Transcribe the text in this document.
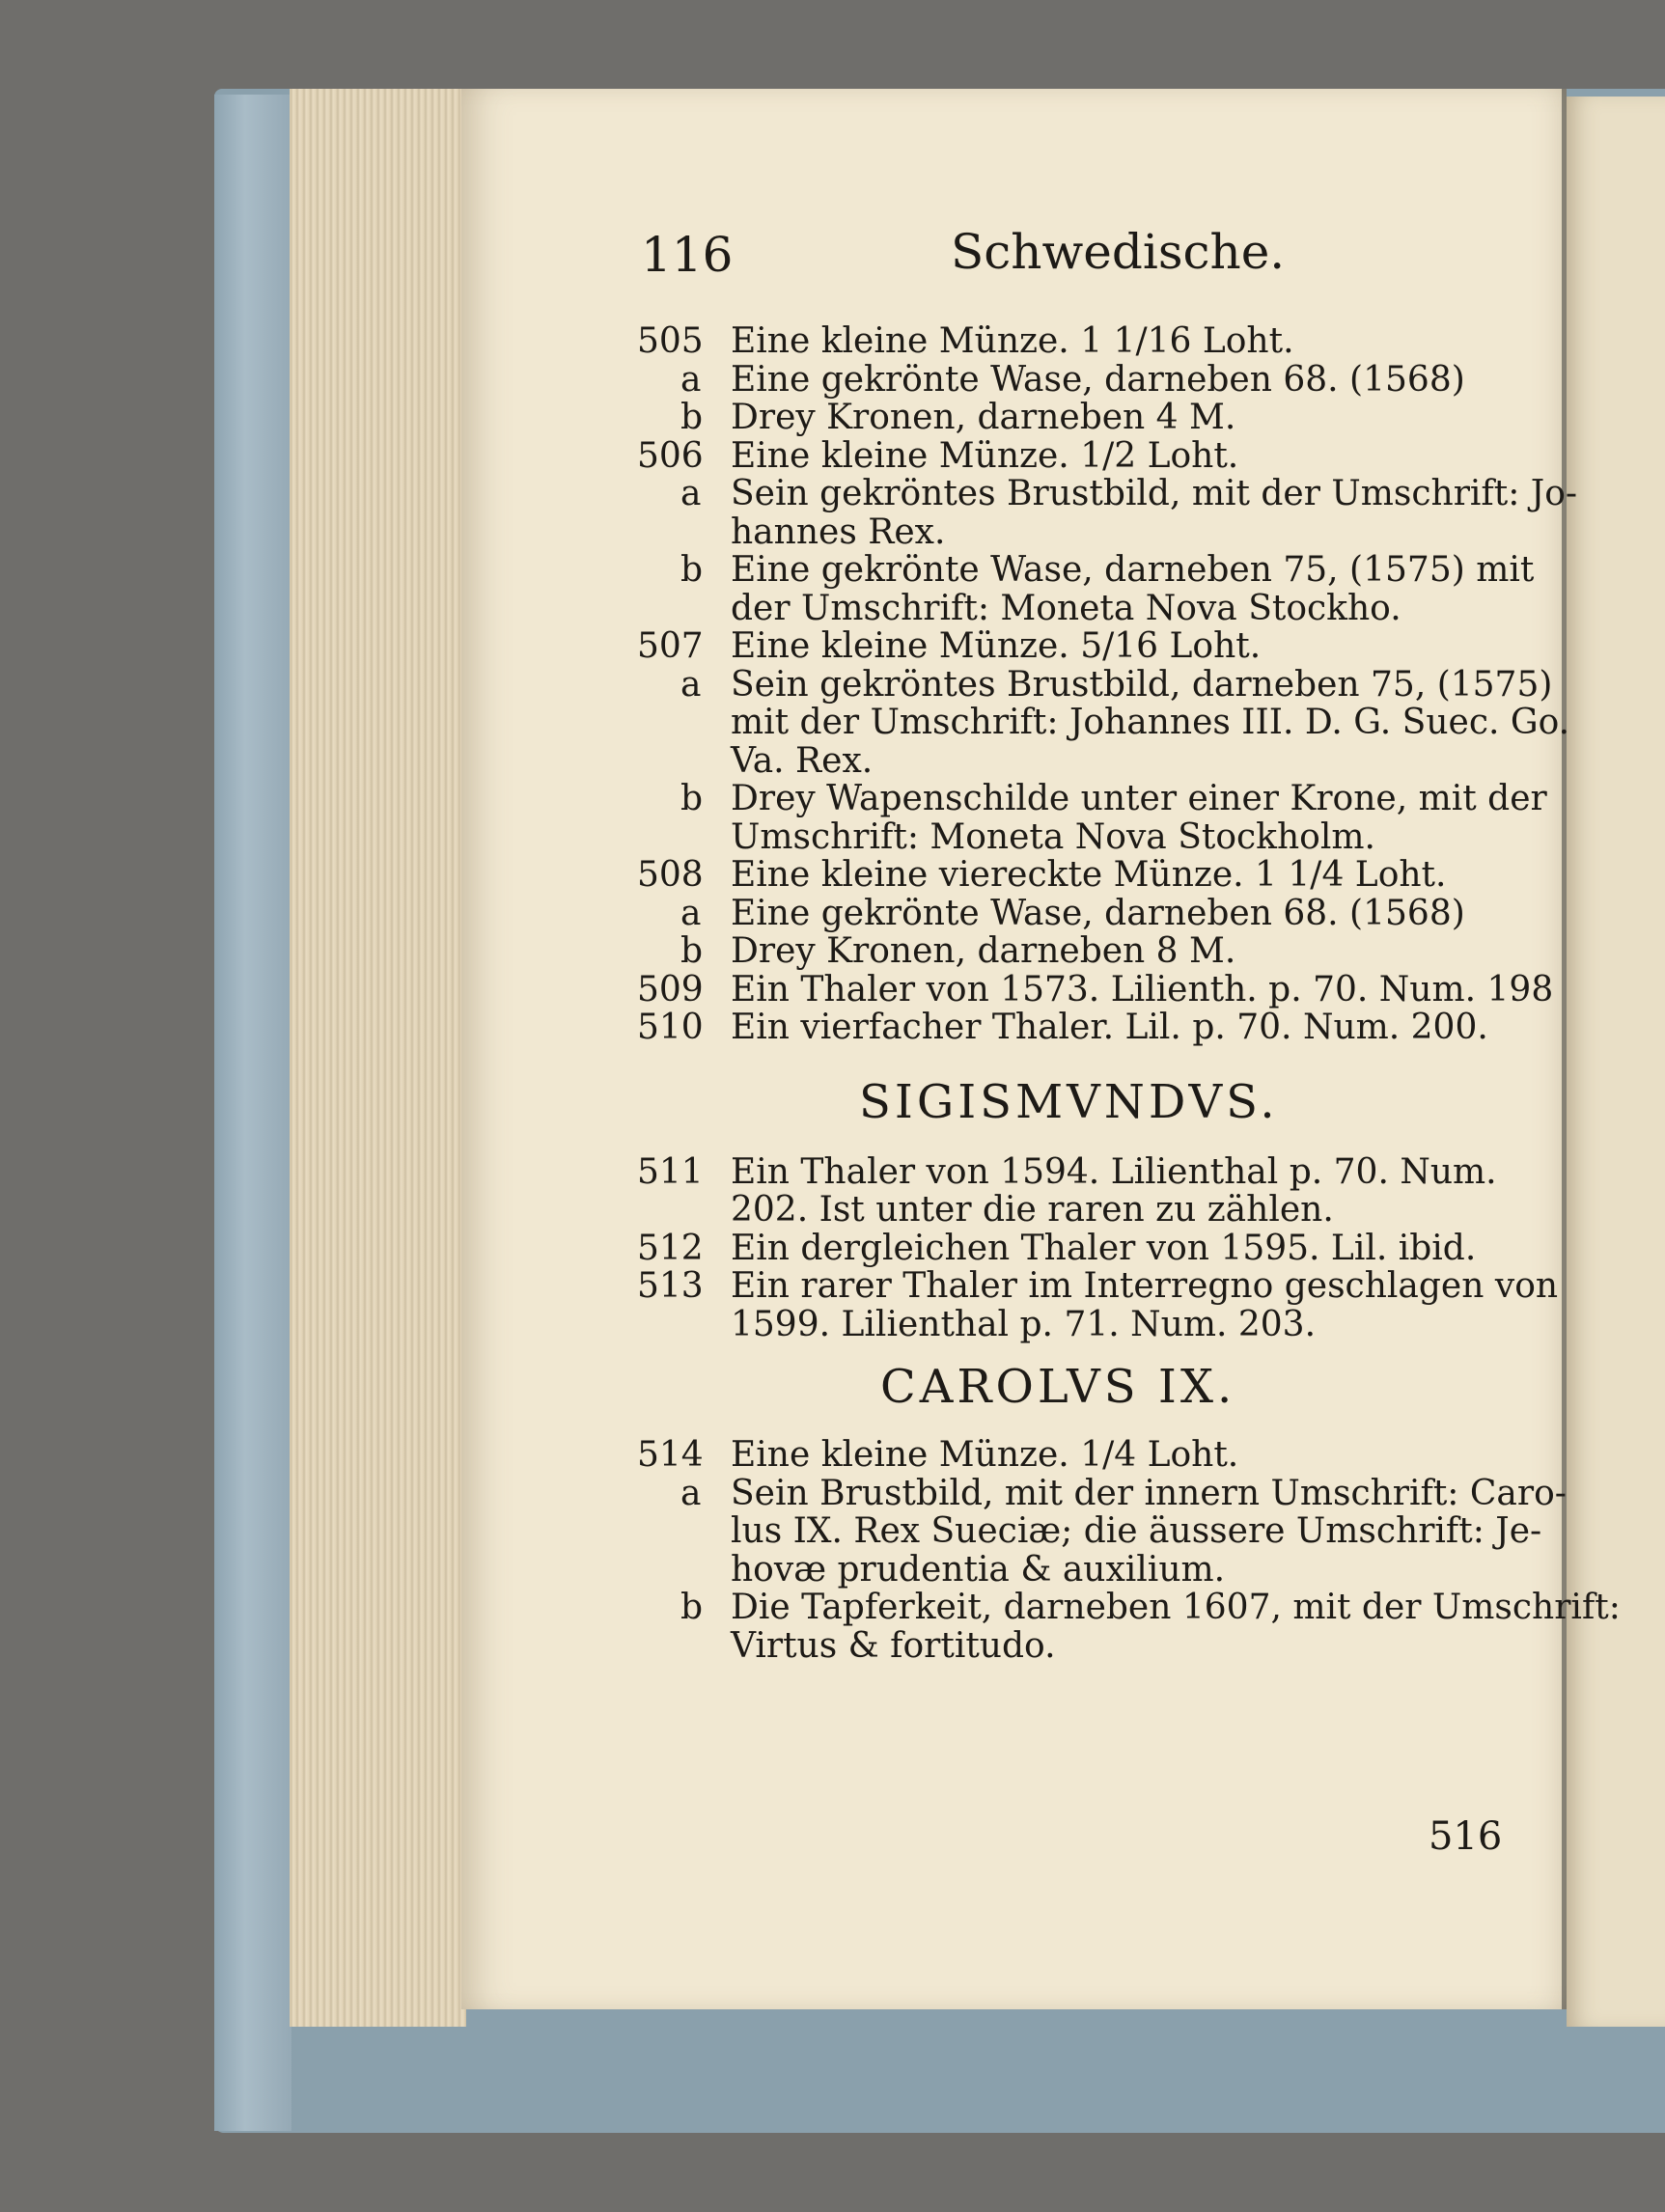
116	Schwedische.
505 Eine kleine Münze. 1 1/16 Loht.
a Eine gekrönte Wase, darneben 68. (1568)
b Drey Kronen, darneben 4 M.
506 Eine kleine Münze. 1/2 Loht.
a Sein gekröntes Brustbild, mit der Umschrift: Jo-
hannes Rex.
b Eine gekrönte Wase, darneben 75, (1575) mit
der Umschrift: Moneta Nova Stockho.
507 Eine kleine Münze. 5/16 Loht.
a Sein gekröntes Brustbild, darneben 75, (1575)
mit der Umschrift: Johannes III. D. G. Suec. Go.
Va. Rex.
b Drey Wapenschilde unter einer Krone, mit der
Umschrift: Moneta Nova Stockholm.
508 Eine kleine viereckte Münze. 1 1/4 Loht.
a Eine gekrönte Wase, darneben 68. (1568)
b Drey Kronen, darneben 8 M.
509 Ein Thaler von 1573. Lilienth. p. 70. Num. 198
510 Ein vierfacher Thaler. Lil. p. 70. Num. 200.
SIGISMVNDVS.
511 Ein Thaler von 1594. Lilienthal p. 70. Num.
202. Ist unter die raren zu zählen.
512 Ein dergleichen Thaler von 1595. Lil. ibid.
513 Ein rarer Thaler im Interregno geschlagen von
1599. Lilienthal p. 71. Num. 203.
CAROLVS IX.
514 Eine kleine Münze. 1/4 Loht.
a Sein Brustbild, mit der innern Umschrift: Caro-
lus IX. Rex Sueciæ; die äussere Umschrift: Je-
hovæ prudentia & auxilium.
b Die Tapferkeit, darneben 1607, mit der Umschrift:
Virtus & fortitudo.
516
